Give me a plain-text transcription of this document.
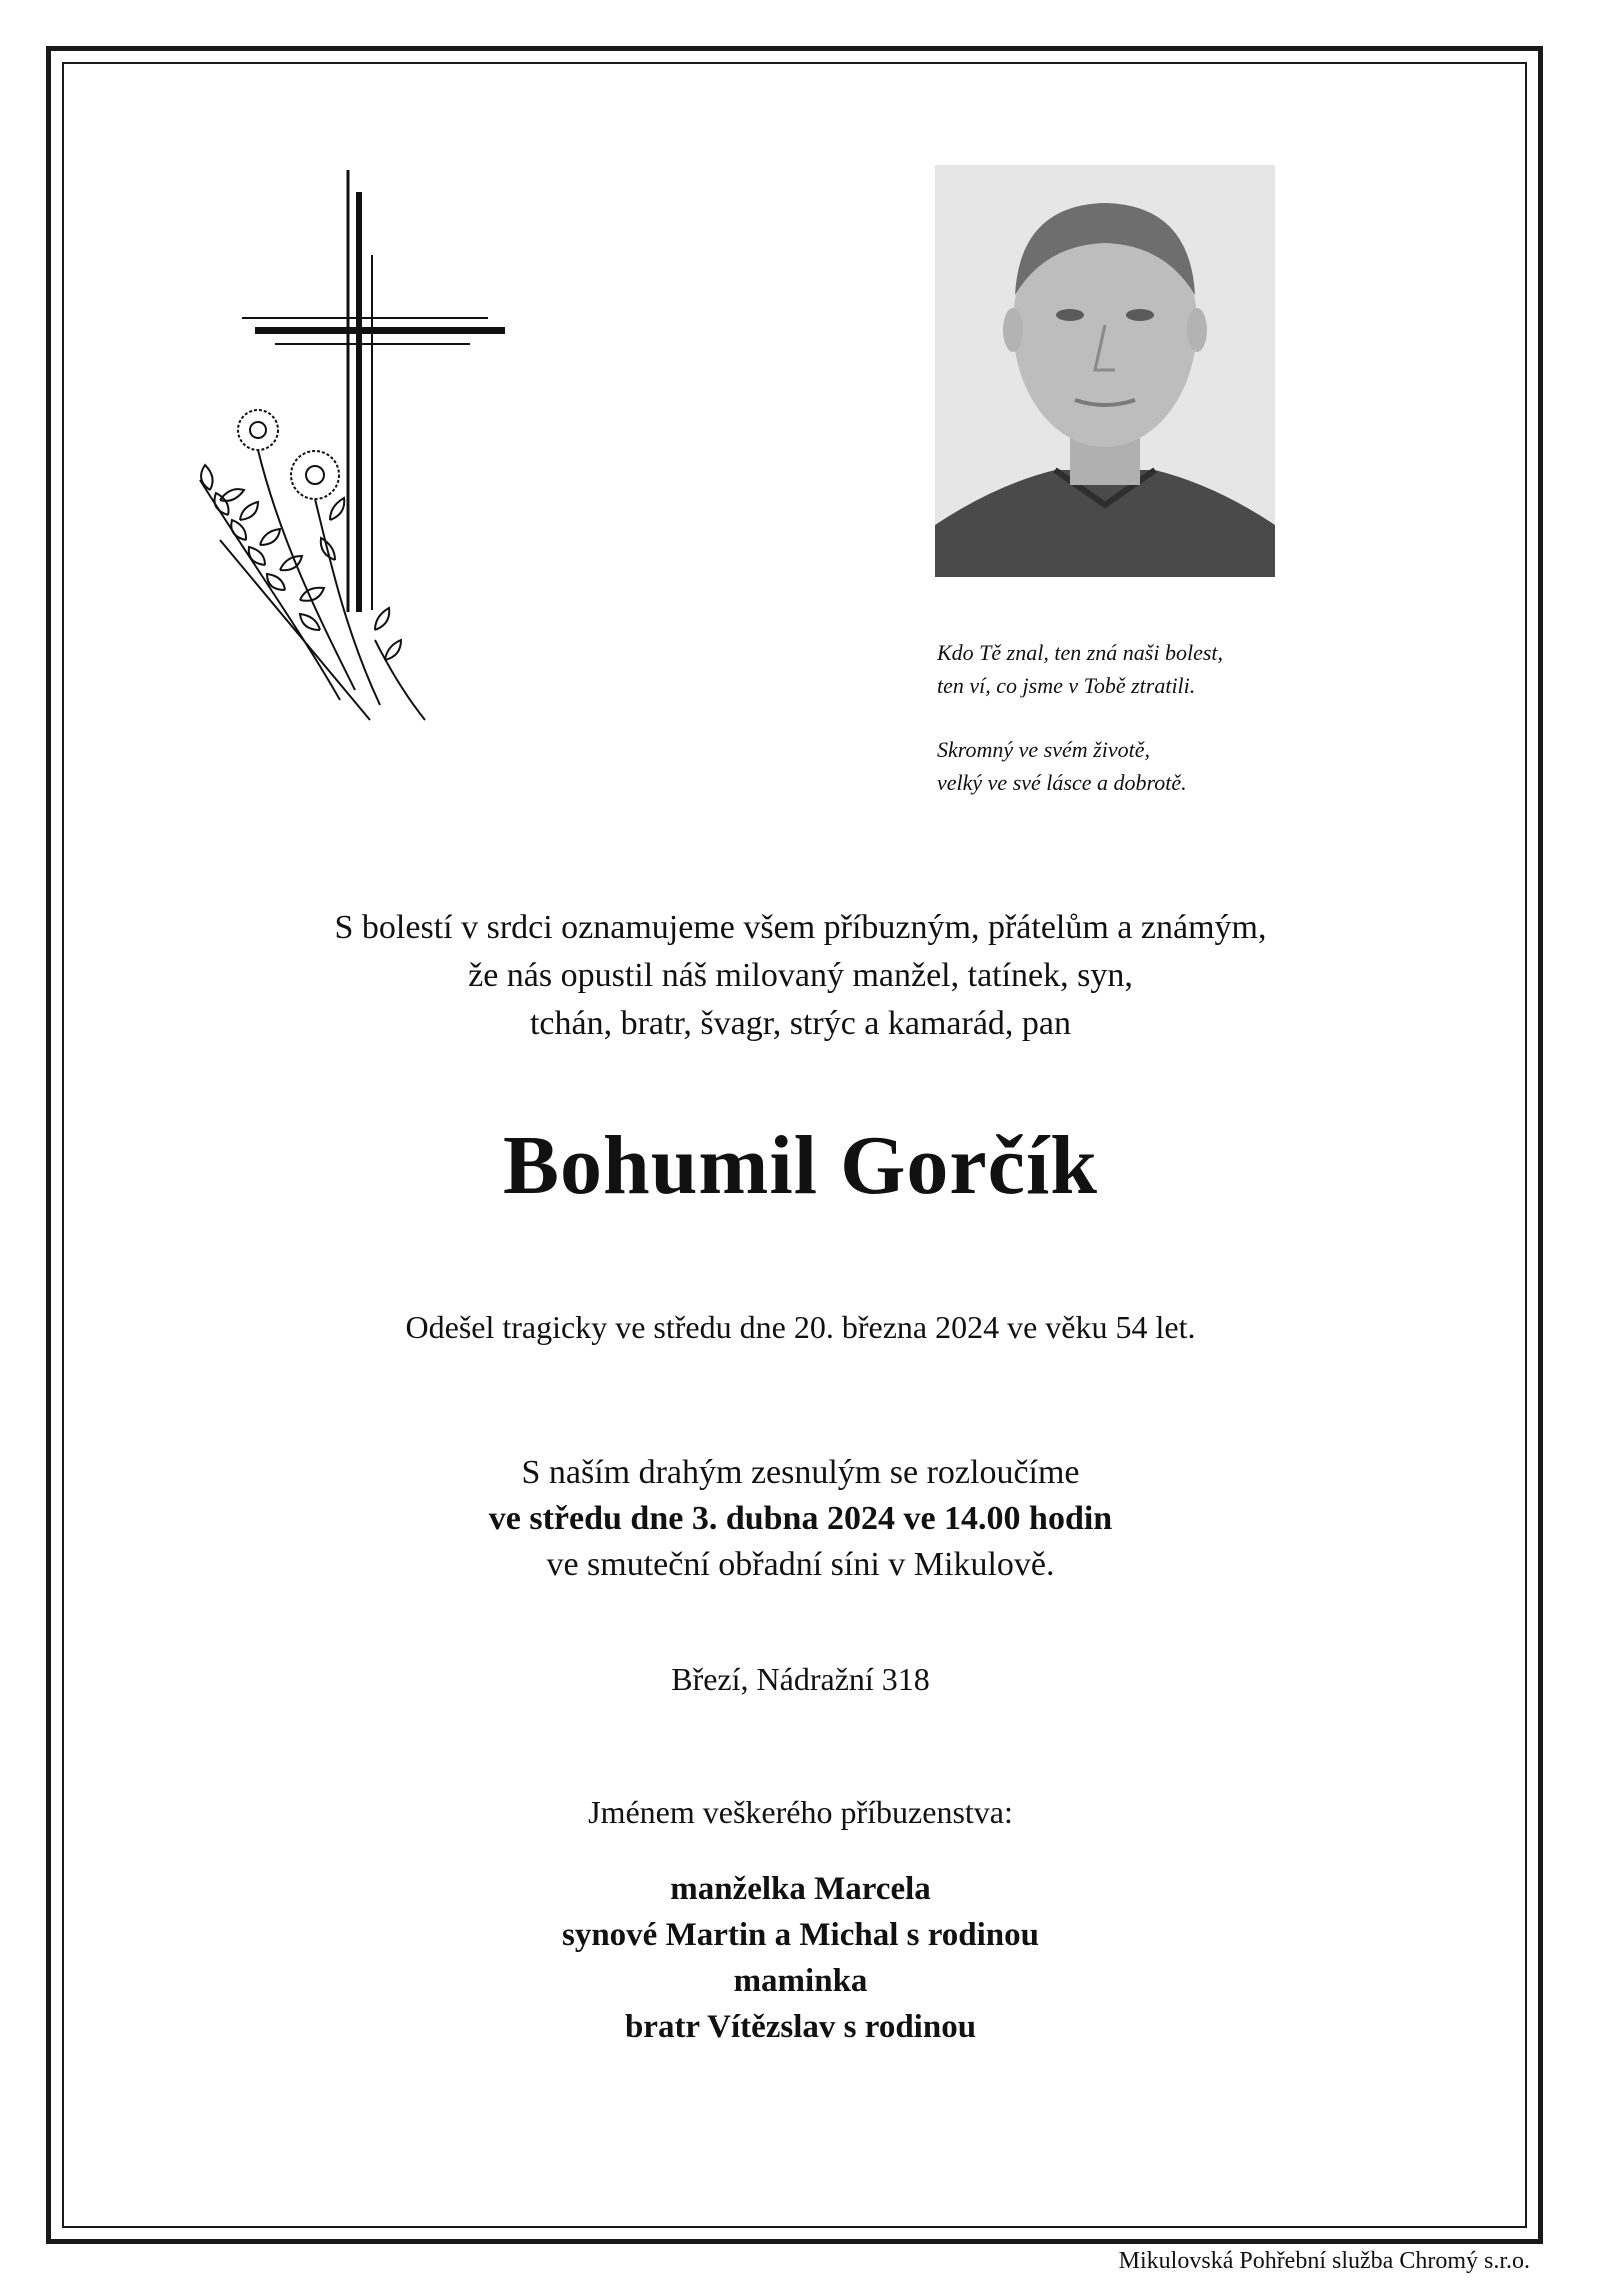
Kdo Tě znal, ten zná naši bolest,
ten ví, co jsme v Tobě ztratili.

Skromný ve svém životě,
velký ve své lásce a dobrotě.

S bolestí v srdci oznamujeme všem příbuzným, přátelům a známým,
že nás opustil náš milovaný manžel, tatínek, syn,
tchán, bratr, švagr, strýc a kamarád, pan
Bohumil Gorčík
Odešel tragicky ve středu dne 20. března 2024 ve věku 54 let.
S naším drahým zesnulým se rozloučíme
ve středu dne 3. dubna 2024 ve 14.00 hodin
ve smuteční obřadní síni v Mikulově.
Březí, Nádražní 318
Jménem veškerého příbuzenstva:
manželka Marcela
synové Martin a Michal s rodinou
maminka
bratr Vítězslav s rodinou
Mikulovská Pohřební služba Chromý s.r.o.
